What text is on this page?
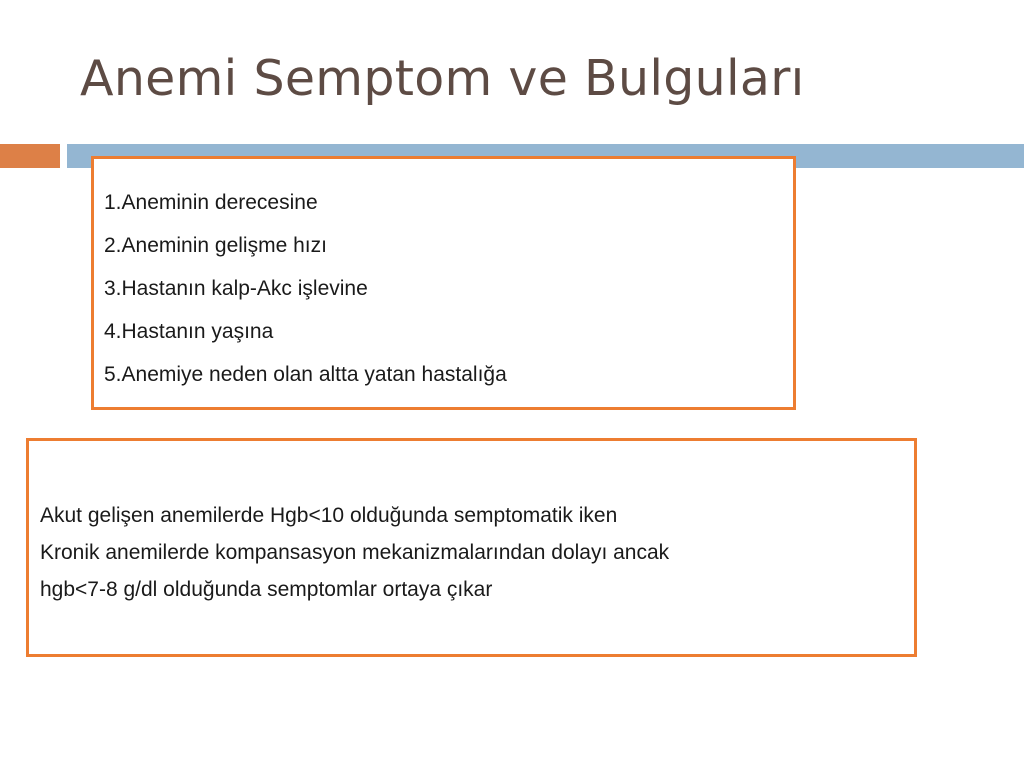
Anemi Semptom ve Bulguları
1.Aneminin derecesine
2.Aneminin gelişme hızı
3.Hastanın kalp-Akc işlevine
4.Hastanın yaşına
5.Anemiye neden olan altta yatan hastalığa

Akut gelişen anemilerde Hgb<10 olduğunda semptomatik iken

Kronik anemilerde kompansasyon mekanizmalarından dolayı ancak

hgb<7-8 g/dl olduğunda semptomlar ortaya çıkar
